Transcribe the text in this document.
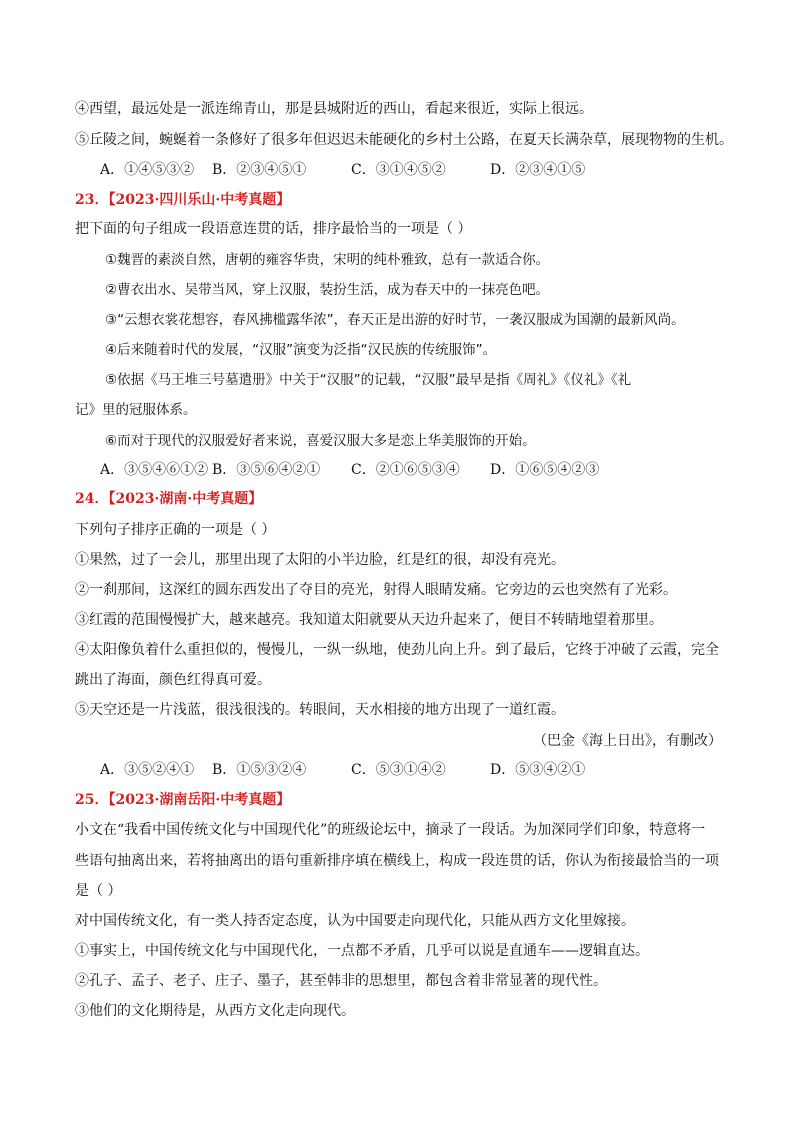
④西望，最远处是一派连绵青山，那是县城附近的西山，看起来很近，实际上很远。
⑤丘陵之间，蜿蜒着一条修好了很多年但迟迟未能硬化的乡村土公路，在夏天长满杂草，展现物物的生机。
A．①④⑤③②	B．②③④⑤①	C．③①④⑤②	D．②③④①⑤
23．【2023·四川乐山·中考真题】
把下面的句子组成一段语意连贯的话，排序最恰当的一项是（ ）
①魏晋的素淡自然，唐朝的雍容华贵，宋明的纯朴雅致，总有一款适合你。
②曹衣出水、吴带当风，穿上汉服，装扮生活，成为春天中的一抹亮色吧。
③“云想衣裳花想容，春风拂槛露华浓”，春天正是出游的好时节，一袭汉服成为国潮的最新风尚。
④后来随着时代的发展，“汉服”演变为泛指“汉民族的传统服饰”。
⑤依据《马王堆三号墓遣册》中关于“汉服”的记载，“汉服”最早是指《周礼》《仪礼》《礼
记》里的冠服体系。
⑥而对于现代的汉服爱好者来说，喜爱汉服大多是恋上华美服饰的开始。
A．③⑤④⑥①② B．③⑤⑥④②①	C．②①⑥⑤③④	D．①⑥⑤④②③
24．【2023·湖南·中考真题】
下列句子排序正确的一项是（ ）
①果然，过了一会儿，那里出现了太阳的小半边脸，红是红的很，却没有亮光。
②一刹那间，这深红的圆东西发出了夺目的亮光，射得人眼睛发痛。它旁边的云也突然有了光彩。
③红霞的范围慢慢扩大，越来越亮。我知道太阳就要从天边升起来了，便目不转睛地望着那里。
④太阳像负着什么重担似的，慢慢儿，一纵一纵地，使劲儿向上升。到了最后，它终于冲破了云霞，完全
跳出了海面，颜色红得真可爱。
⑤天空还是一片浅蓝，很浅很浅的。转眼间，天水相接的地方出现了一道红霞。
（巴金《海上日出》，有删改）
A．③⑤②④①	B．①⑤③②④	C．⑤③①④②	D．⑤③④②①
25．【2023·湖南岳阳·中考真题】
小文在“我看中国传统文化与中国现代化”的班级论坛中，摘录了一段话。为加深同学们印象，特意将一
些语句抽离出来，若将抽离出的语句重新排序填在横线上，构成一段连贯的话，你认为衔接最恰当的一项
是（ ）
对中国传统文化，有一类人持否定态度，认为中国要走向现代化，只能从西方文化里嫁接。
①事实上，中国传统文化与中国现代化，一点都不矛盾，几乎可以说是直通车——逻辑直达。
②孔子、孟子、老子、庄子、墨子，甚至韩非的思想里，都包含着非常显著的现代性。
③他们的文化期待是，从西方文化走向现代。
